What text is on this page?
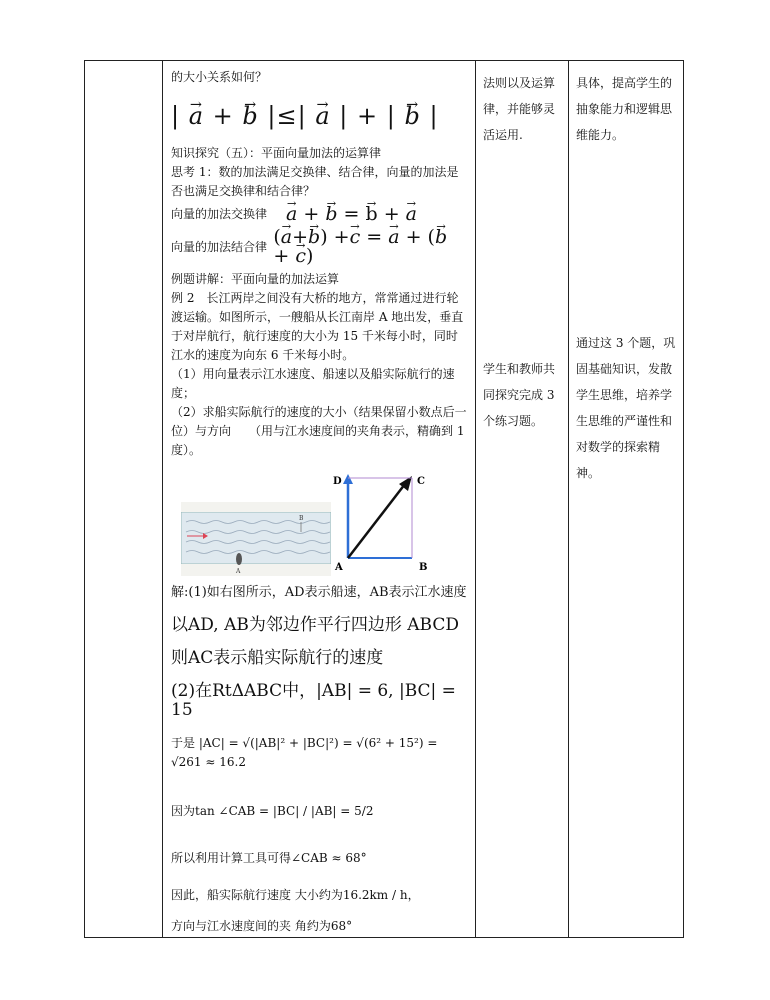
的大小关系如何？

| → a + → b |≤| → a | + | → b |

知识探究（五）：平面向量加法的运算律

思考 1：数的加法满足交换律、结合律，向量的加法是否也满足交换律和结合律？

向量的加法交换律
→ a + → b = → b + → a
向量的加法结合律 (→ a+→ b) +→ c = → a + (→ b + → c)

例题讲解：平面向量的加法运算

例 2　长江两岸之间没有大桥的地方，常常通过进行轮渡运输。如图所示，一艘船从长江南岸 A 地出发，垂直于对岸航行，航行速度的大小为 15 千米每小时，同时江水的速度为向东 6 千米每小时。

（1）用向量表示江水速度、船速以及船实际航行的速度；

（2）求船实际航行的速度的大小（结果保留小数点后一位）与方向　　（用与江水速度间的夹角表示，精确到 1 度）。

A
B
D	C
A	B

解:(1)如右图所示，AD表示船速，AB表示江水速度

以AD, AB为邻边作平行四边形 ABCD

则AC表示船实际航行的速度

(2)在RtΔABC中，|AB| = 6, |BC| = 15

于是 |AC| = √(|AB|² + |BC|²) = √(6² + 15²) = √261 ≈ 16.2

因为tan ∠CAB = |BC| / |AB| = 5/2

所以利用计算工具可得∠CAB ≈ 68°

因此，船实际航行速度 大小约为16.2km / h，

方向与江水速度间的夹 角约为68°

法则以及运算律，并能够灵活运用.

学生和教师共同探究完成 3 个练习题。

具体，提高学生的抽象能力和逻辑思维能力。

通过这 3 个题，巩固基础知识，发散学生思维，培养学生思维的严谨性和对数学的探索精神。
